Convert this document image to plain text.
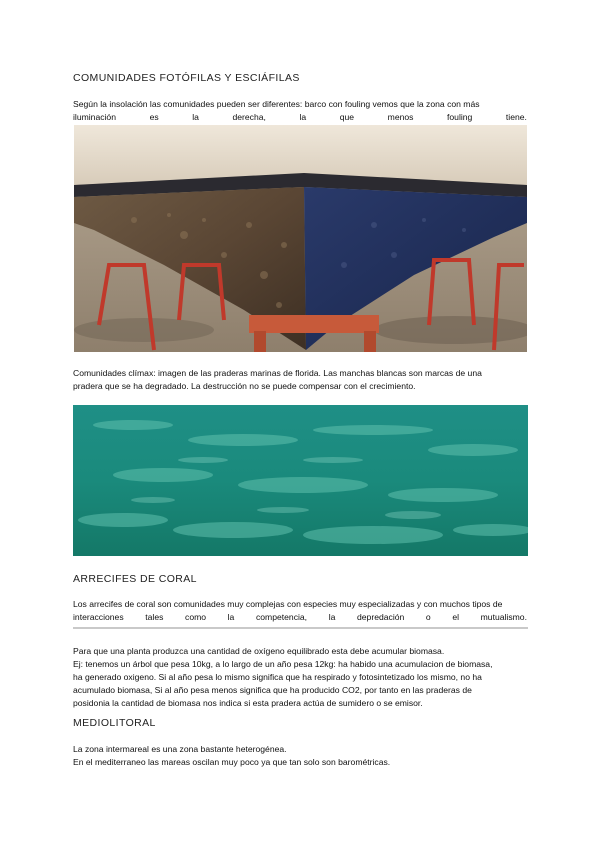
COMUNIDADES FOTÓFILAS Y ESCIÁFILAS
Según la insolación las comunidades pueden ser diferentes: barco con fouling vemos que la zona con más
iluminación	es	la	derecha,	la	que	menos	fouling	tiene.
Comunidades clímax: imagen de las praderas marinas de florida. Las manchas blancas son marcas de una
pradera que se ha degradado. La destrucción no se puede compensar con el crecimiento.
ARRECIFES DE CORAL
Los arrecifes de coral son comunidades muy complejas con especies muy especializadas y con muchos tipos de
interacciones	tales	como	la	competencia,	la	depredación	o	el	mutualismo.
Para que una planta produzca una cantidad de oxígeno equilibrado esta debe acumular biomasa.
Ej: tenemos un árbol que pesa 10kg, a lo largo de un año pesa 12kg: ha habido una acumulacion de biomasa,
ha generado oxigeno. Si al año pesa lo mismo significa que ha respirado y fotosintetizado los mismo, no ha
acumulado biomasa, Si al año pesa menos significa que ha producido CO2, por tanto en las praderas de
posidonia la cantidad de biomasa nos indica si esta pradera actúa de sumidero o se emisor.
MEDIOLITORAL
La zona intermareal es una zona bastante heterogénea.
En el mediterraneo las mareas oscilan muy poco ya que tan solo son barométricas.
